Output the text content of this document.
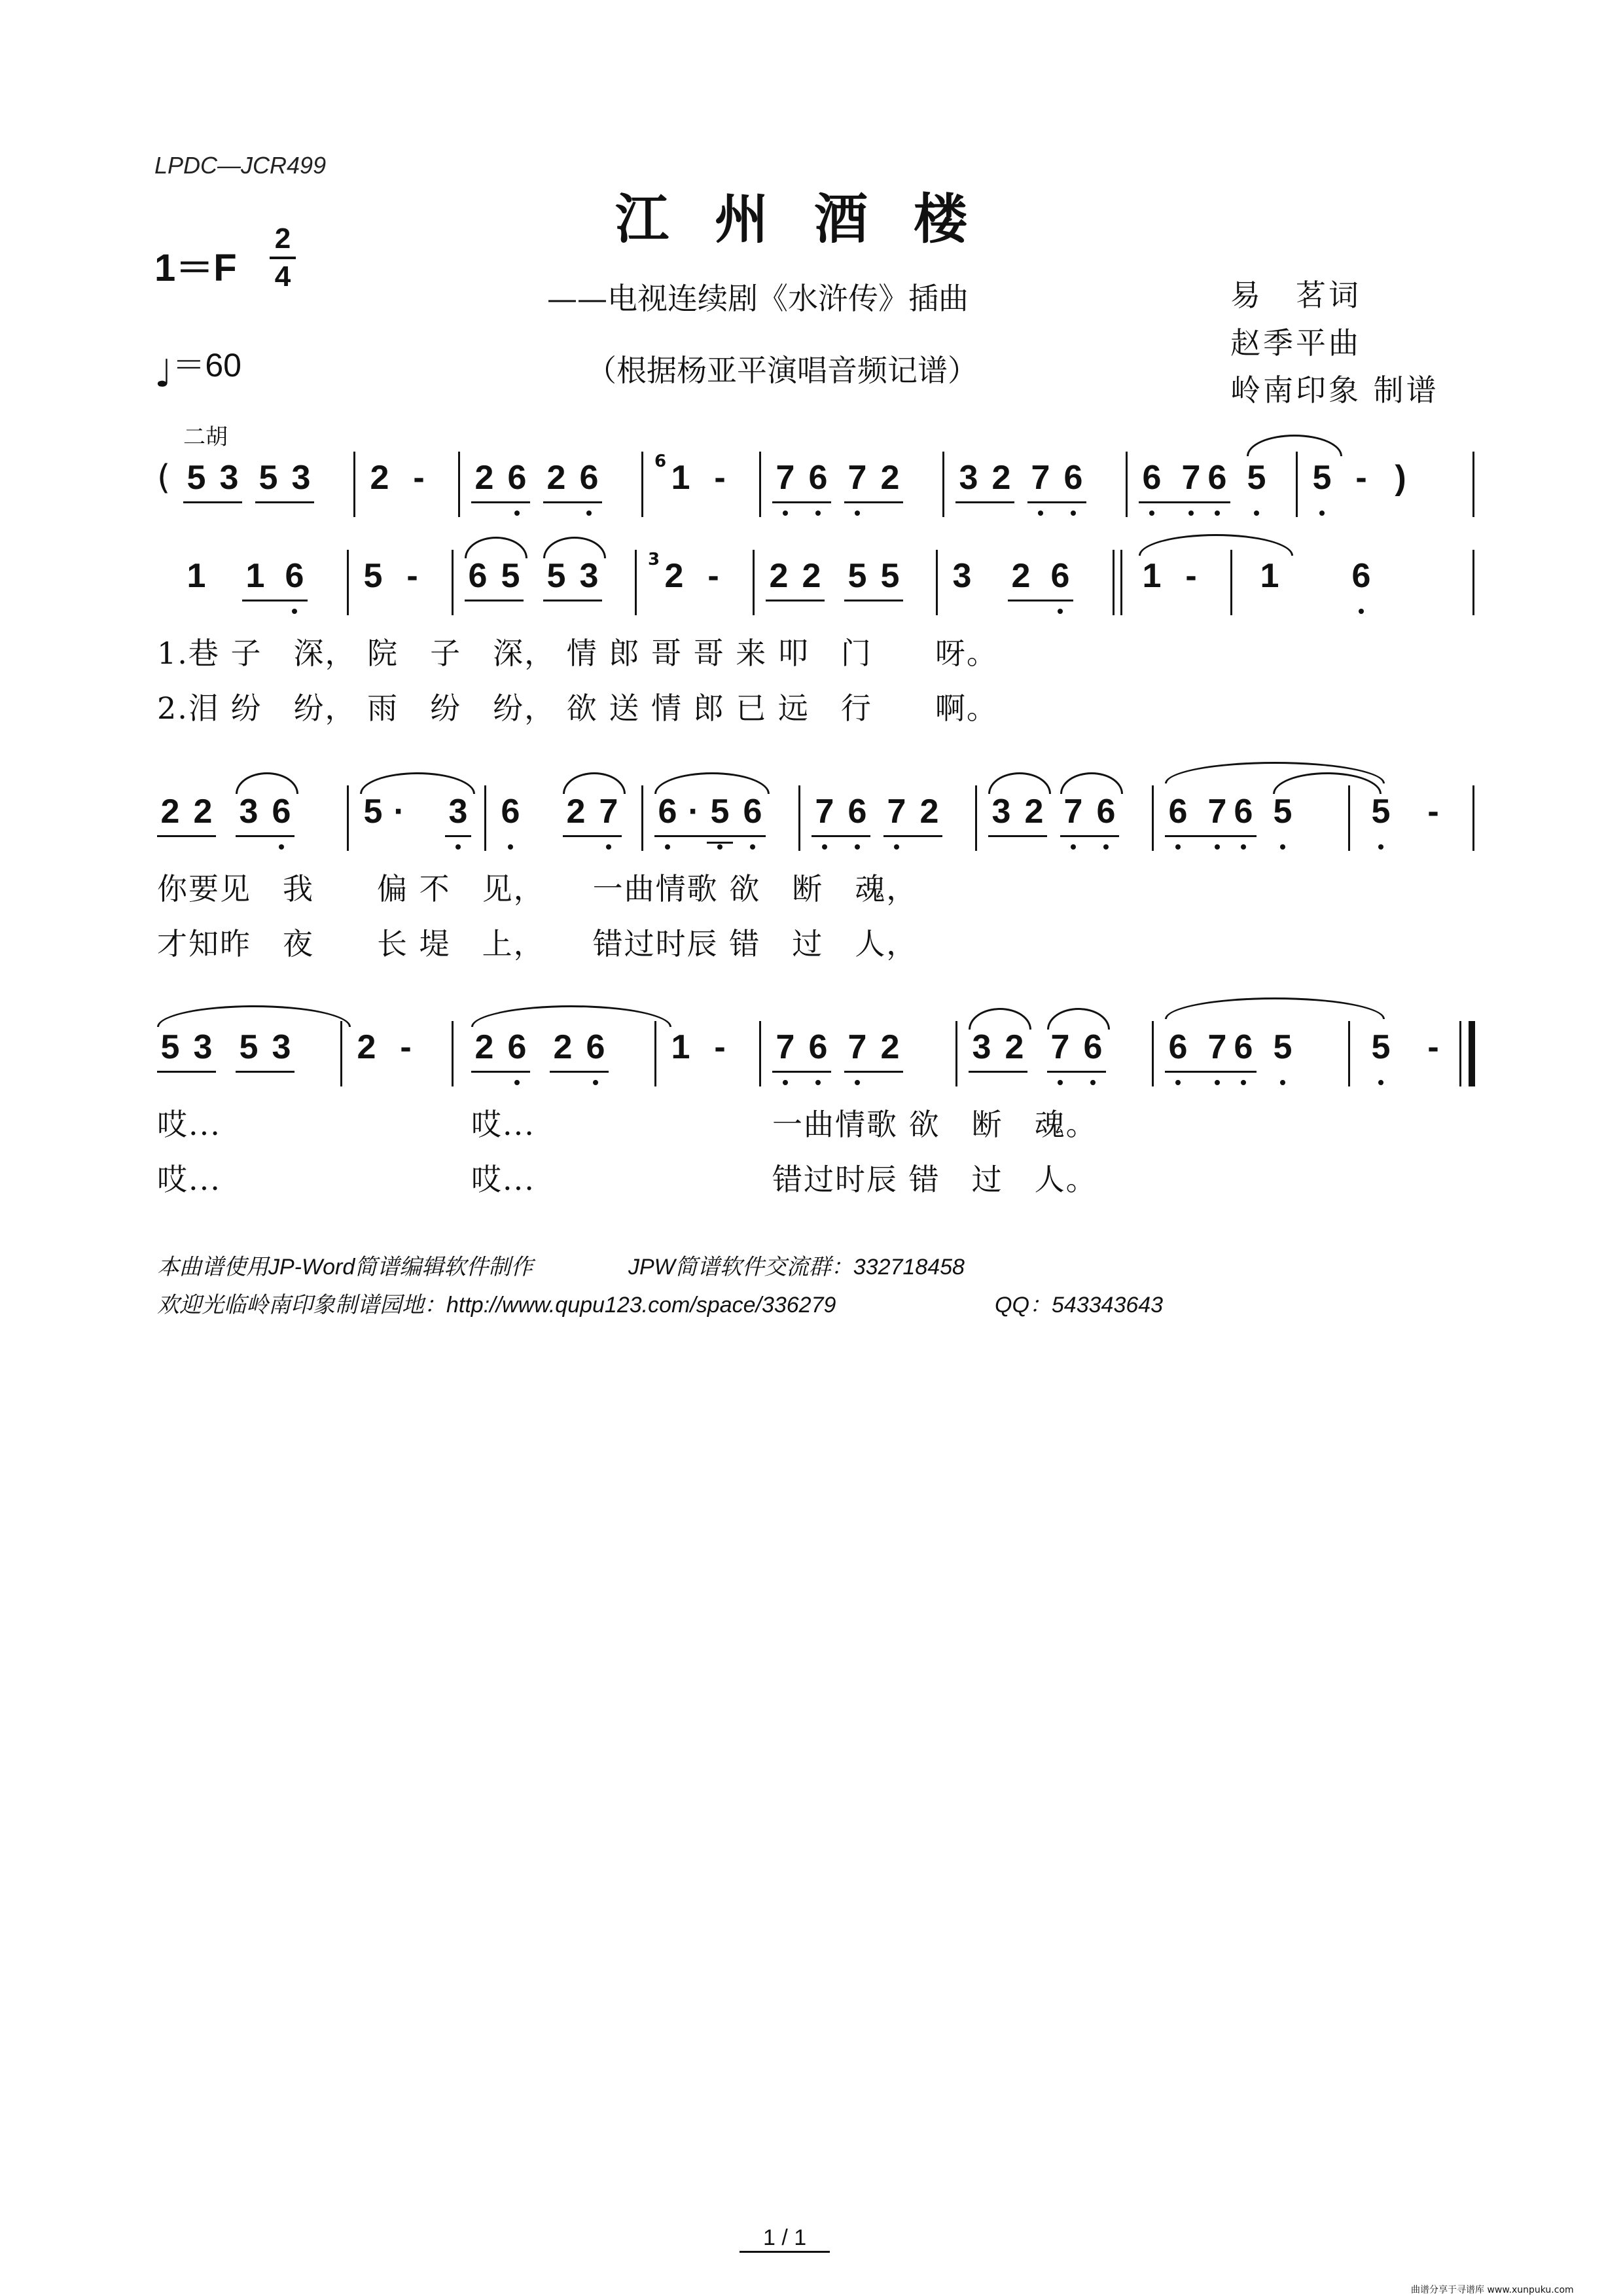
LPDC—JCR499
江州酒楼
——电视连续剧《水浒传》插曲
（根据杨亚平演唱音频记谱）
易　茗词
赵季平曲
岭南印象 制谱
1＝F
2
4
♩＝60
二胡
( 5 3 5 3 2 - 2 6 2 6	6 1 - 7 6 7 2 3 2 7 6 6 7 6 5 5 - )
1 1 6 5 - 6 5 5 3	3 2 - 2 2 5 5 3 2 6 1 - 1 6
1.巷 子　深， 院　子　深， 情 郎 哥 哥 来 叩　门　　呀。
2.泪 纷　纷， 雨　纷　纷， 欲 送 情 郎 已 远　行　　啊。
2 2 3 6 5 · 3 6 2 7 6 · 5 6 7 6 7 2 3 2 7 6 6 7 6 5 5 -
你要见　我　　偏 不　见，　　一曲情歌 欲　断　魂，
才知昨　夜　　长 堤　上，　　错过时辰 错　过　人，
5 3 5 3 2 - 2 6 2 6 1 - 7 6 7 2 3 2 7 6 6 7 6 5 5 -
哎...	哎...	一曲情歌 欲　断　魂。
哎...	哎...	错过时辰 错　过　人。
本曲谱使用JP-Word简谱编辑软件制作	JPW简谱软件交流群：332718458
欢迎光临岭南印象制谱园地：http://www.qupu123.com/space/336279	QQ：543343643
1 / 1
曲谱分享于寻谱库 www.xunpuku.com
